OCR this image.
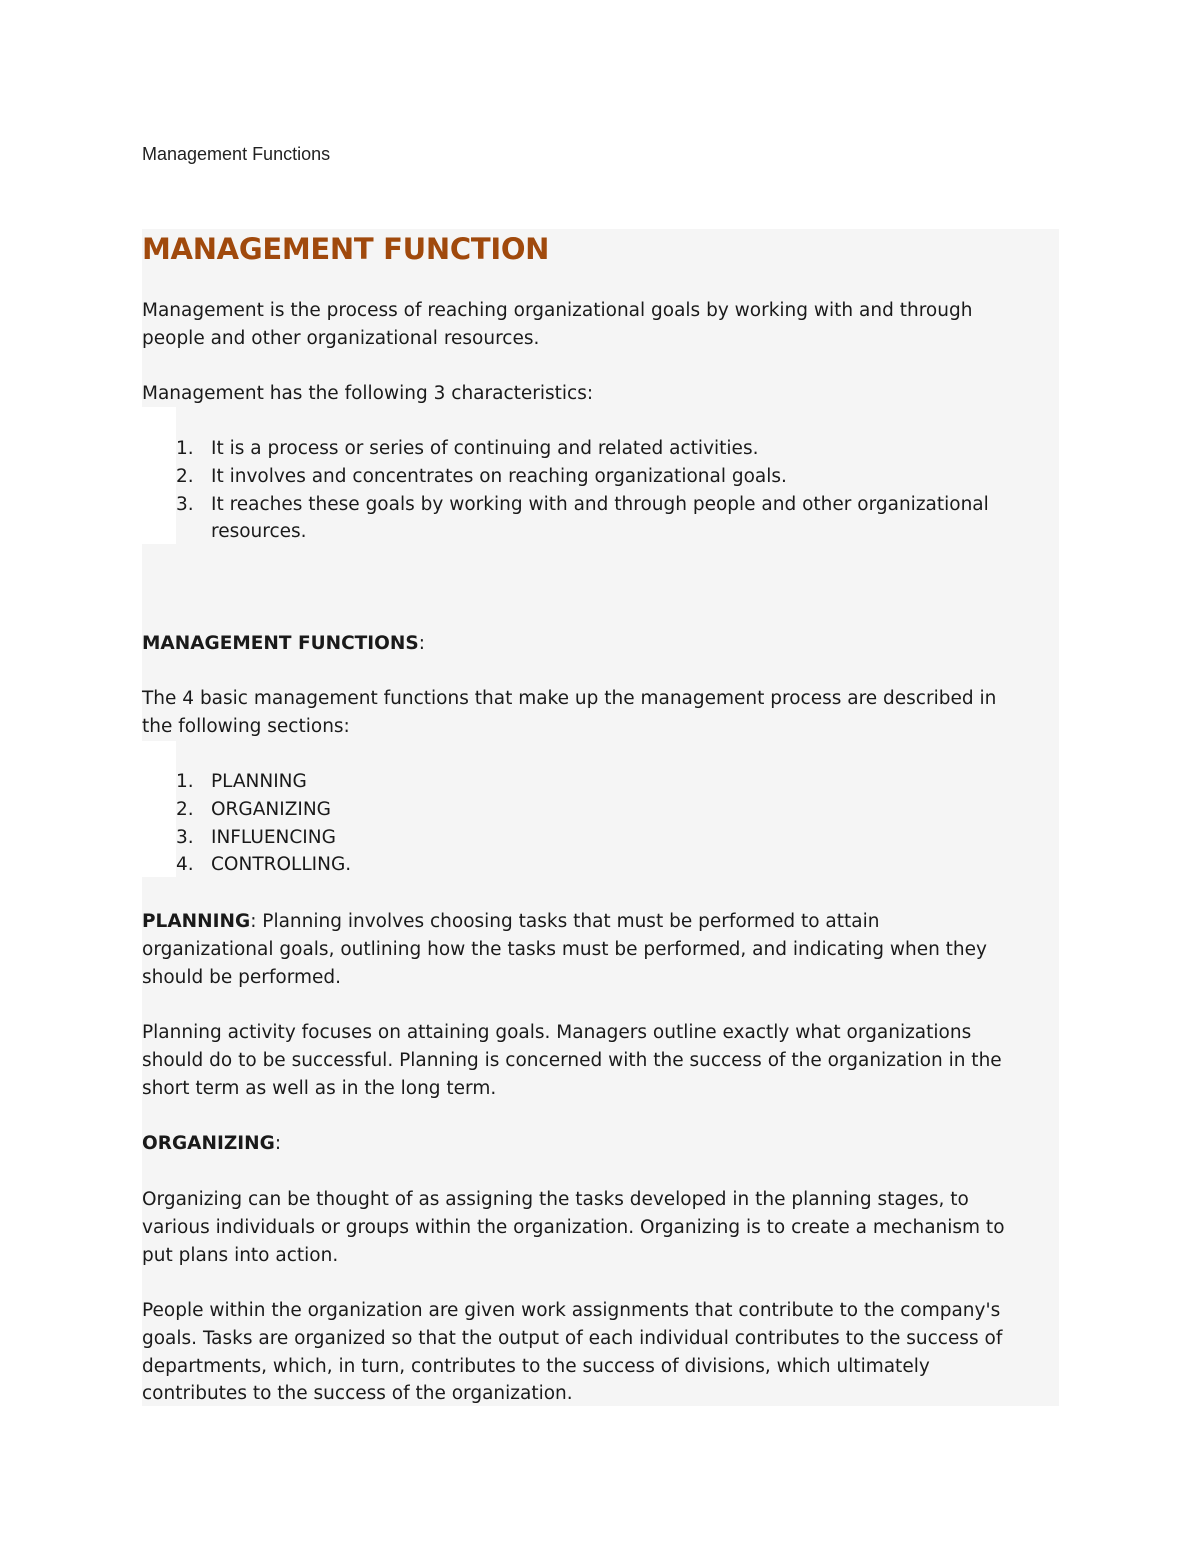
Management Functions

MANAGEMENT FUNCTION

Management is the process of reaching organizational goals by working with and through
people and other organizational resources.

Management has the following 3 characteristics:

1. It is a process or series of continuing and related activities.
2. It involves and concentrates on reaching organizational goals.
3. It reaches these goals by working with and through people and other organizational
resources.

MANAGEMENT FUNCTIONS:

The 4 basic management functions that make up the management process are described in
the following sections:

1. PLANNING
2. ORGANIZING
3. INFLUENCING
4. CONTROLLING.

PLANNING: Planning involves choosing tasks that must be performed to attain
organizational goals, outlining how the tasks must be performed, and indicating when they
should be performed.

Planning activity focuses on attaining goals. Managers outline exactly what organizations
should do to be successful. Planning is concerned with the success of the organization in the
short term as well as in the long term.

ORGANIZING:

Organizing can be thought of as assigning the tasks developed in the planning stages, to
various individuals or groups within the organization. Organizing is to create a mechanism to
put plans into action.

People within the organization are given work assignments that contribute to the company's
goals. Tasks are organized so that the output of each individual contributes to the success of
departments, which, in turn, contributes to the success of divisions, which ultimately
contributes to the success of the organization.
